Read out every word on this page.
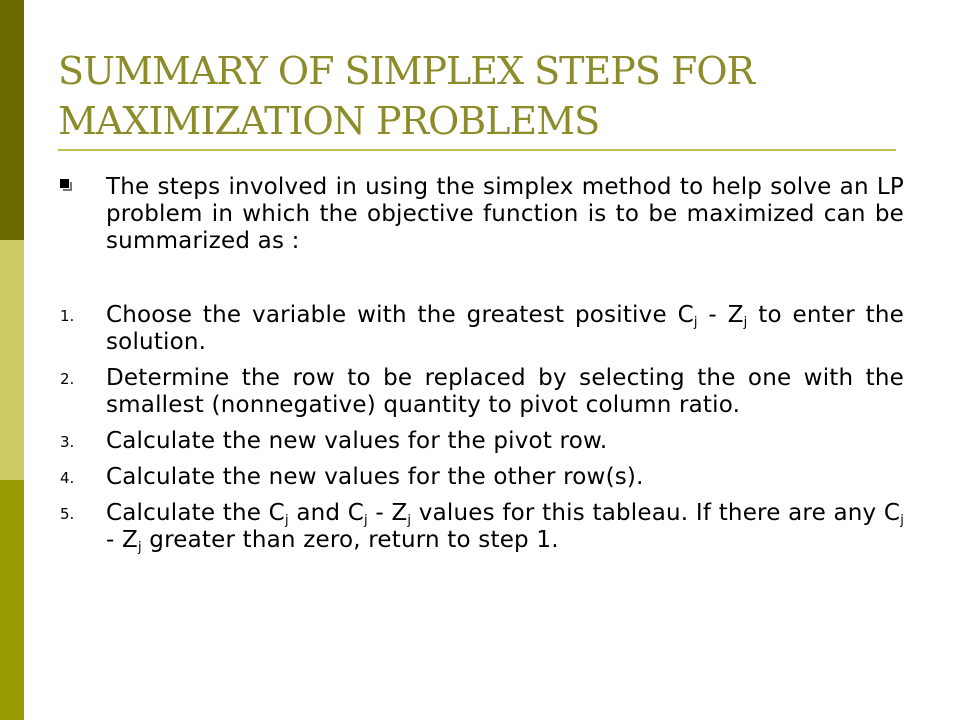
SUMMARY OF SIMPLEX STEPS FOR
MAXIMIZATION PROBLEMS
The steps involved in using the simplex method to help solve an LP problem in which the objective function is to be maximized can be summarized as :
1. Choose the variable with the greatest positive $C_j - Z_j$ to enter the solution.
2. Determine the row to be replaced by selecting the one with the smallest (nonnegative) quantity to pivot column ratio.
3. Calculate the new values for the pivot row.
4. Calculate the new values for the other row(s).
5. Calculate the $C_j$ and $C_j - Z_j$ values for this tableau. If there are any $C_j - Z_j$ greater than zero, return to step 1.
